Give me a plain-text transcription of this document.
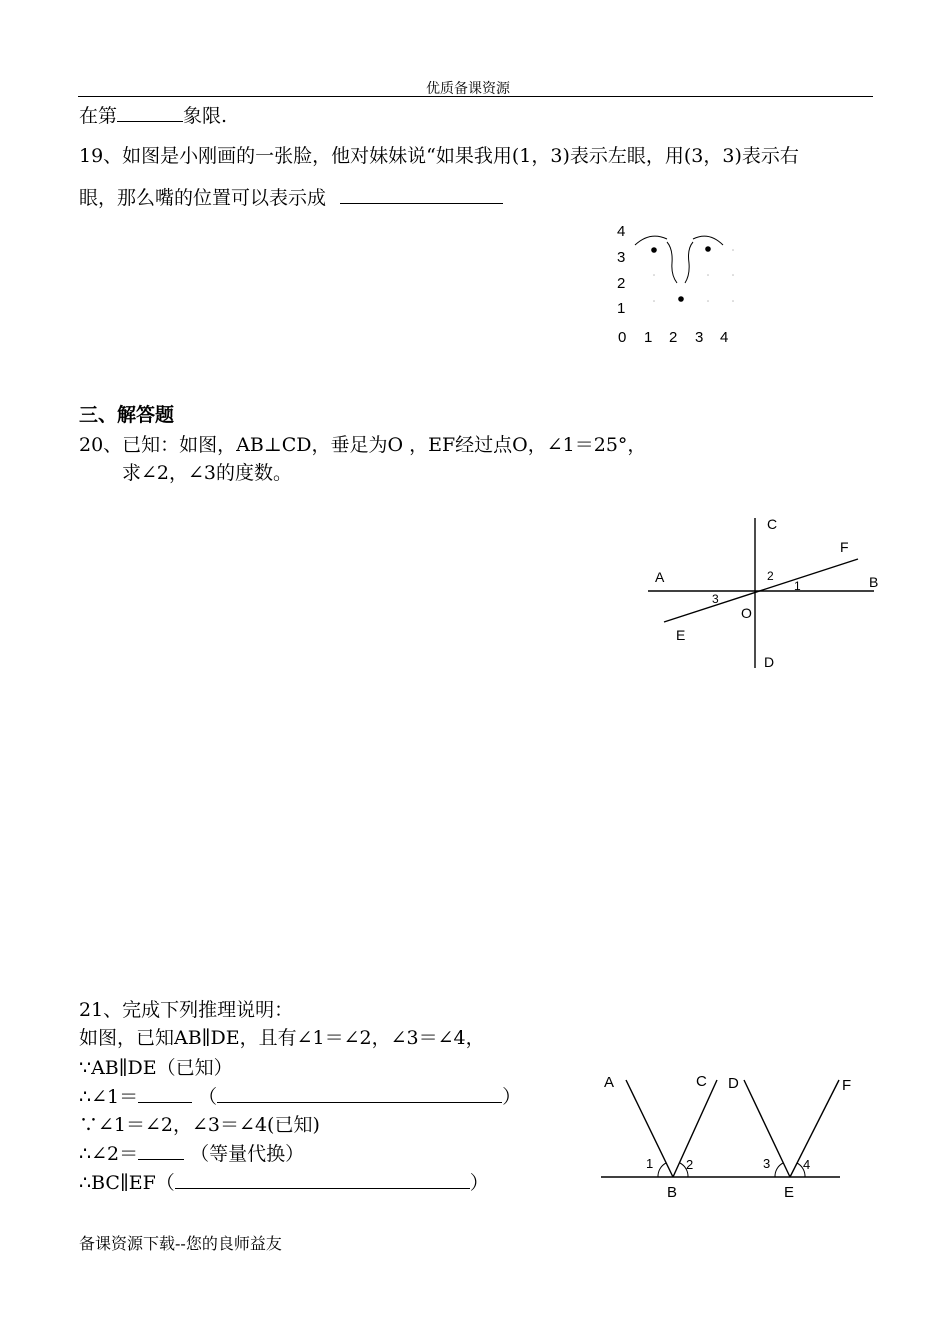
优质备课资源
在第	象限.
19、如图是小刚画的一张脸，他对妹妹说“如果我用(1，3)表示左眼，用(3，3)表示右
眼，那么嘴的位置可以表示成
4
3
2
1
0 1 2 3 4
三、解答题
20、已知：如图，AB⊥CD，垂足为O ，EF经过点O，∠1＝25°，
求∠2，∠3的度数。
C
F
A	B
O
E
D
2
1
3
21、完成下列推理说明：
如图，已知AB∥DE，且有∠1＝∠2，∠3＝∠4，
∵AB∥DE（已知）
∴∠1＝	（	）
∵∠1＝∠2，∠3＝∠4(已知)
∴∠2＝	（等量代换）
∴BC∥EF（	）
A	C D	F
B	E
1	2	3	4
备课资源下载--您的良师益友
